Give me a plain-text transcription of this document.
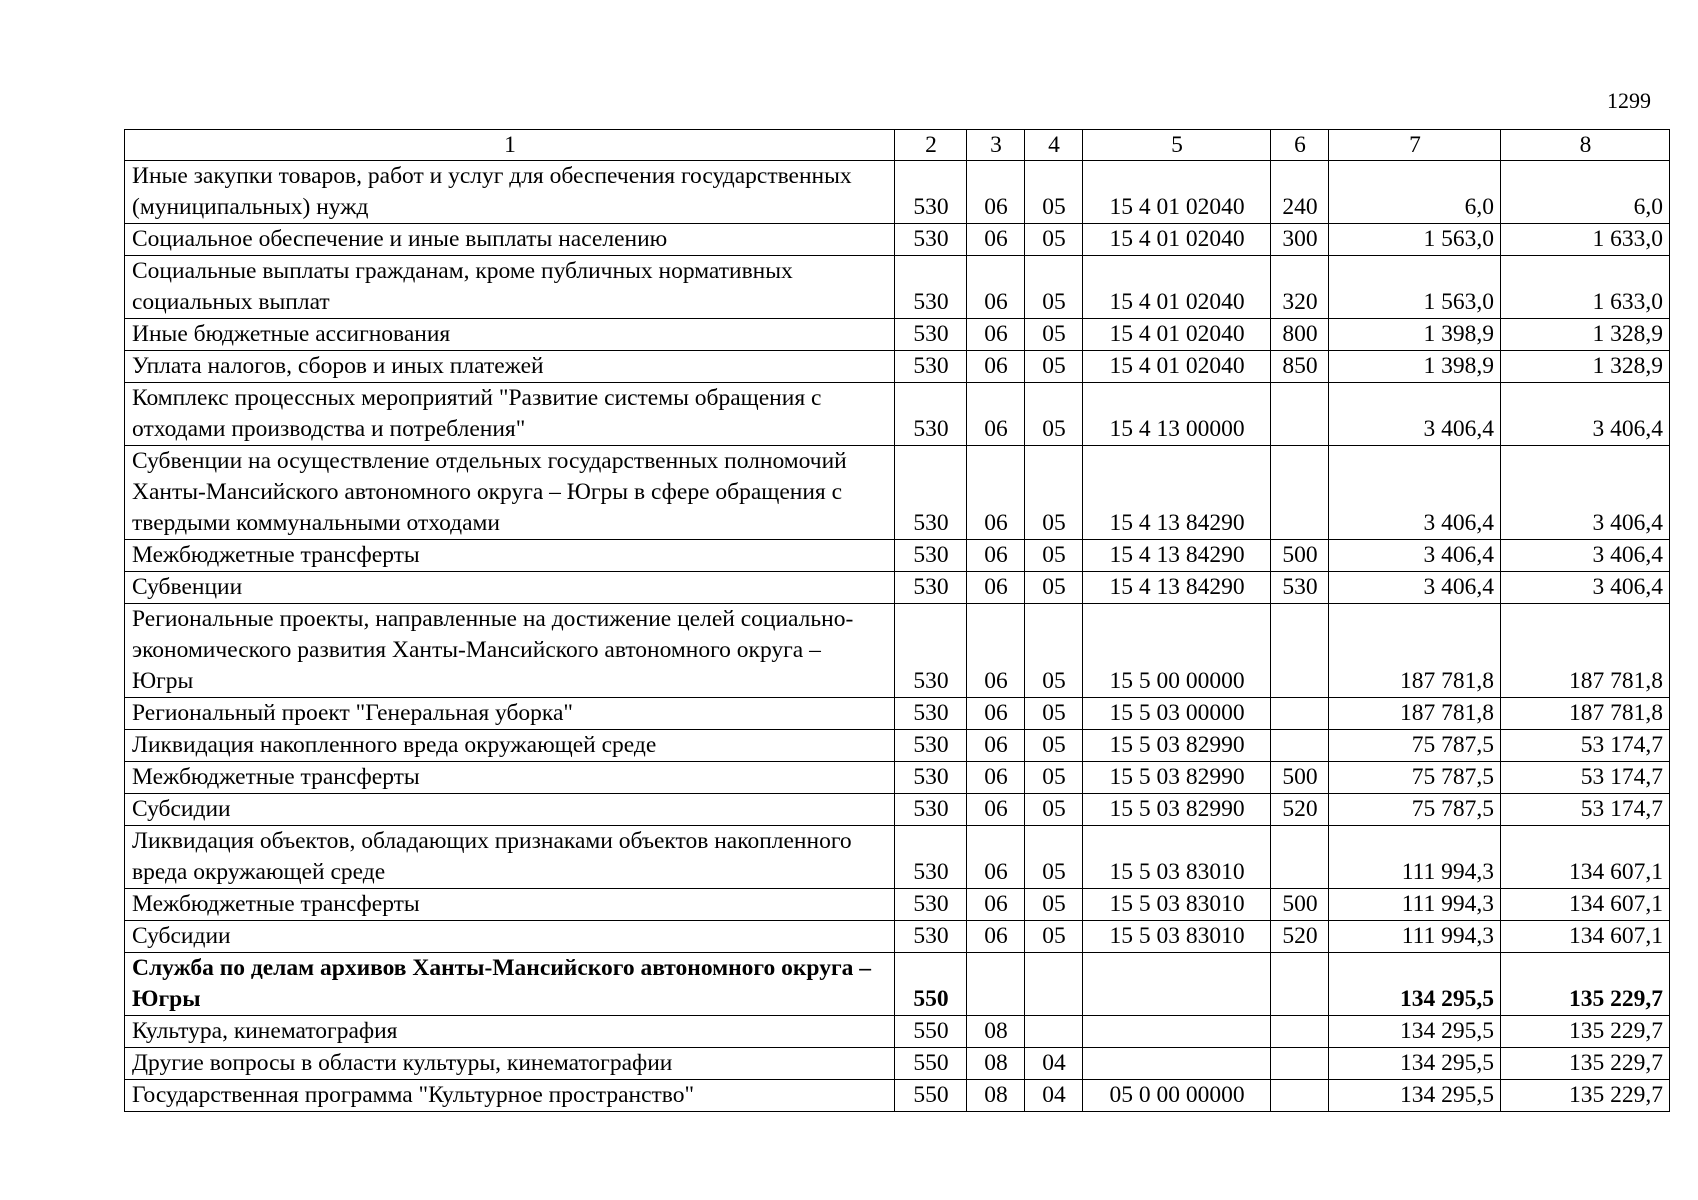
1299
1	2	3	4	5	6	7	8
Иные закупки товаров, работ и услуг для обеспечения государственных (муниципальных) нужд	530	06	05	15 4 01 02040	240	6,0	6,0
Социальное обеспечение и иные выплаты населению	530	06	05	15 4 01 02040	300	1 563,0	1 633,0
Социальные выплаты гражданам, кроме публичных нормативных социальных выплат	530	06	05	15 4 01 02040	320	1 563,0	1 633,0
Иные бюджетные ассигнования	530	06	05	15 4 01 02040	800	1 398,9	1 328,9
Уплата налогов, сборов и иных платежей	530	06	05	15 4 01 02040	850	1 398,9	1 328,9
Комплекс процессных мероприятий "Развитие системы обращения с отходами производства и потребления"	530	06	05	15 4 13 00000		3 406,4	3 406,4
Субвенции на осуществление отдельных государственных полномочий Ханты-Мансийского автономного округа – Югры в сфере обращения с твердыми коммунальными отходами	530	06	05	15 4 13 84290		3 406,4	3 406,4
Межбюджетные трансферты	530	06	05	15 4 13 84290	500	3 406,4	3 406,4
Субвенции	530	06	05	15 4 13 84290	530	3 406,4	3 406,4
Региональные проекты, направленные на достижение целей социально-экономического развития Ханты-Мансийского автономного округа – Югры	530	06	05	15 5 00 00000		187 781,8	187 781,8
Региональный проект "Генеральная уборка"	530	06	05	15 5 03 00000		187 781,8	187 781,8
Ликвидация накопленного вреда окружающей среде	530	06	05	15 5 03 82990		75 787,5	53 174,7
Межбюджетные трансферты	530	06	05	15 5 03 82990	500	75 787,5	53 174,7
Субсидии	530	06	05	15 5 03 82990	520	75 787,5	53 174,7
Ликвидация объектов, обладающих признаками объектов накопленного вреда окружающей среде	530	06	05	15 5 03 83010		111 994,3	134 607,1
Межбюджетные трансферты	530	06	05	15 5 03 83010	500	111 994,3	134 607,1
Субсидии	530	06	05	15 5 03 83010	520	111 994,3	134 607,1
Служба по делам архивов Ханты-Мансийского автономного округа – Югры	550					134 295,5	135 229,7
Культура, кинематография	550	08				134 295,5	135 229,7
Другие вопросы в области культуры, кинематографии	550	08	04			134 295,5	135 229,7
Государственная программа "Культурное пространство"	550	08	04	05 0 00 00000		134 295,5	135 229,7
